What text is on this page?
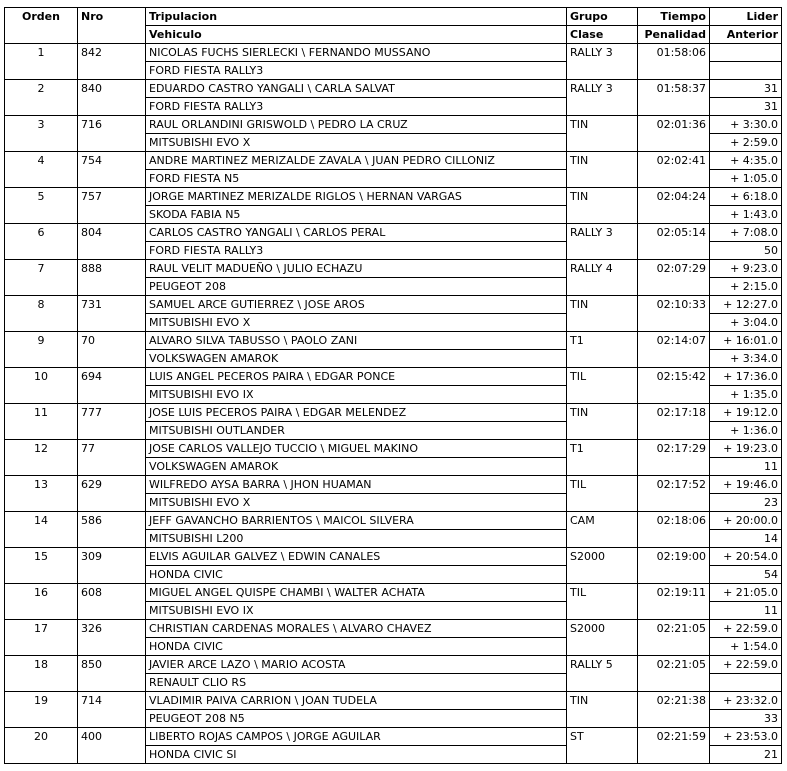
Orden	Nro	Tripulacion	Grupo	Tiempo	Lider
		Vehiculo	Clase	Penalidad	Anterior
1	842	NICOLAS FUCHS SIERLECKI \ FERNANDO MUSSANO	RALLY 3	01:58:06	
		FORD FIESTA RALLY3			
2	840	EDUARDO CASTRO YANGALI \ CARLA SALVAT	RALLY 3	01:58:37	31
		FORD FIESTA RALLY3			31
3	716	RAUL ORLANDINI GRISWOLD \ PEDRO LA CRUZ	TIN	02:01:36	+ 3:30.0
		MITSUBISHI EVO X			+ 2:59.0
4	754	ANDRE MARTINEZ MERIZALDE ZAVALA \ JUAN PEDRO CILLONIZ	TIN	02:02:41	+ 4:35.0
		FORD FIESTA N5			+ 1:05.0
5	757	JORGE MARTINEZ MERIZALDE RIGLOS \ HERNAN VARGAS	TIN	02:04:24	+ 6:18.0
		SKODA FABIA N5			+ 1:43.0
6	804	CARLOS CASTRO YANGALI \ CARLOS PERAL	RALLY 3	02:05:14	+ 7:08.0
		FORD FIESTA RALLY3			50
7	888	RAUL VELIT MADUEÑO \ JULIO ECHAZU	RALLY 4	02:07:29	+ 9:23.0
		PEUGEOT 208			+ 2:15.0
8	731	SAMUEL ARCE GUTIERREZ \ JOSE AROS	TIN	02:10:33	+ 12:27.0
		MITSUBISHI EVO X			+ 3:04.0
9	70	ALVARO SILVA TABUSSO \ PAOLO ZANI	T1	02:14:07	+ 16:01.0
		VOLKSWAGEN AMAROK			+ 3:34.0
10	694	LUIS ANGEL PECEROS PAIRA \ EDGAR PONCE	TIL	02:15:42	+ 17:36.0
		MITSUBISHI EVO IX			+ 1:35.0
11	777	JOSE LUIS PECEROS PAIRA \ EDGAR MELENDEZ	TIN	02:17:18	+ 19:12.0
		MITSUBISHI OUTLANDER			+ 1:36.0
12	77	JOSE CARLOS VALLEJO TUCCIO \ MIGUEL MAKINO	T1	02:17:29	+ 19:23.0
		VOLKSWAGEN AMAROK			11
13	629	WILFREDO AYSA BARRA \ JHON HUAMAN	TIL	02:17:52	+ 19:46.0
		MITSUBISHI EVO X			23
14	586	JEFF GAVANCHO BARRIENTOS \ MAICOL SILVERA	CAM	02:18:06	+ 20:00.0
		MITSUBISHI L200			14
15	309	ELVIS AGUILAR GALVEZ \ EDWIN CANALES	S2000	02:19:00	+ 20:54.0
		HONDA CIVIC			54
16	608	MIGUEL ANGEL QUISPE CHAMBI \ WALTER ACHATA	TIL	02:19:11	+ 21:05.0
		MITSUBISHI EVO IX			11
17	326	CHRISTIAN CARDENAS MORALES \ ALVARO CHAVEZ	S2000	02:21:05	+ 22:59.0
		HONDA CIVIC			+ 1:54.0
18	850	JAVIER ARCE LAZO \ MARIO ACOSTA	RALLY 5	02:21:05	+ 22:59.0
		RENAULT CLIO RS			
19	714	VLADIMIR PAIVA CARRION \ JOAN TUDELA	TIN	02:21:38	+ 23:32.0
		PEUGEOT 208 N5			33
20	400	LIBERTO ROJAS CAMPOS \ JORGE AGUILAR	ST	02:21:59	+ 23:53.0
		HONDA CIVIC SI			21
